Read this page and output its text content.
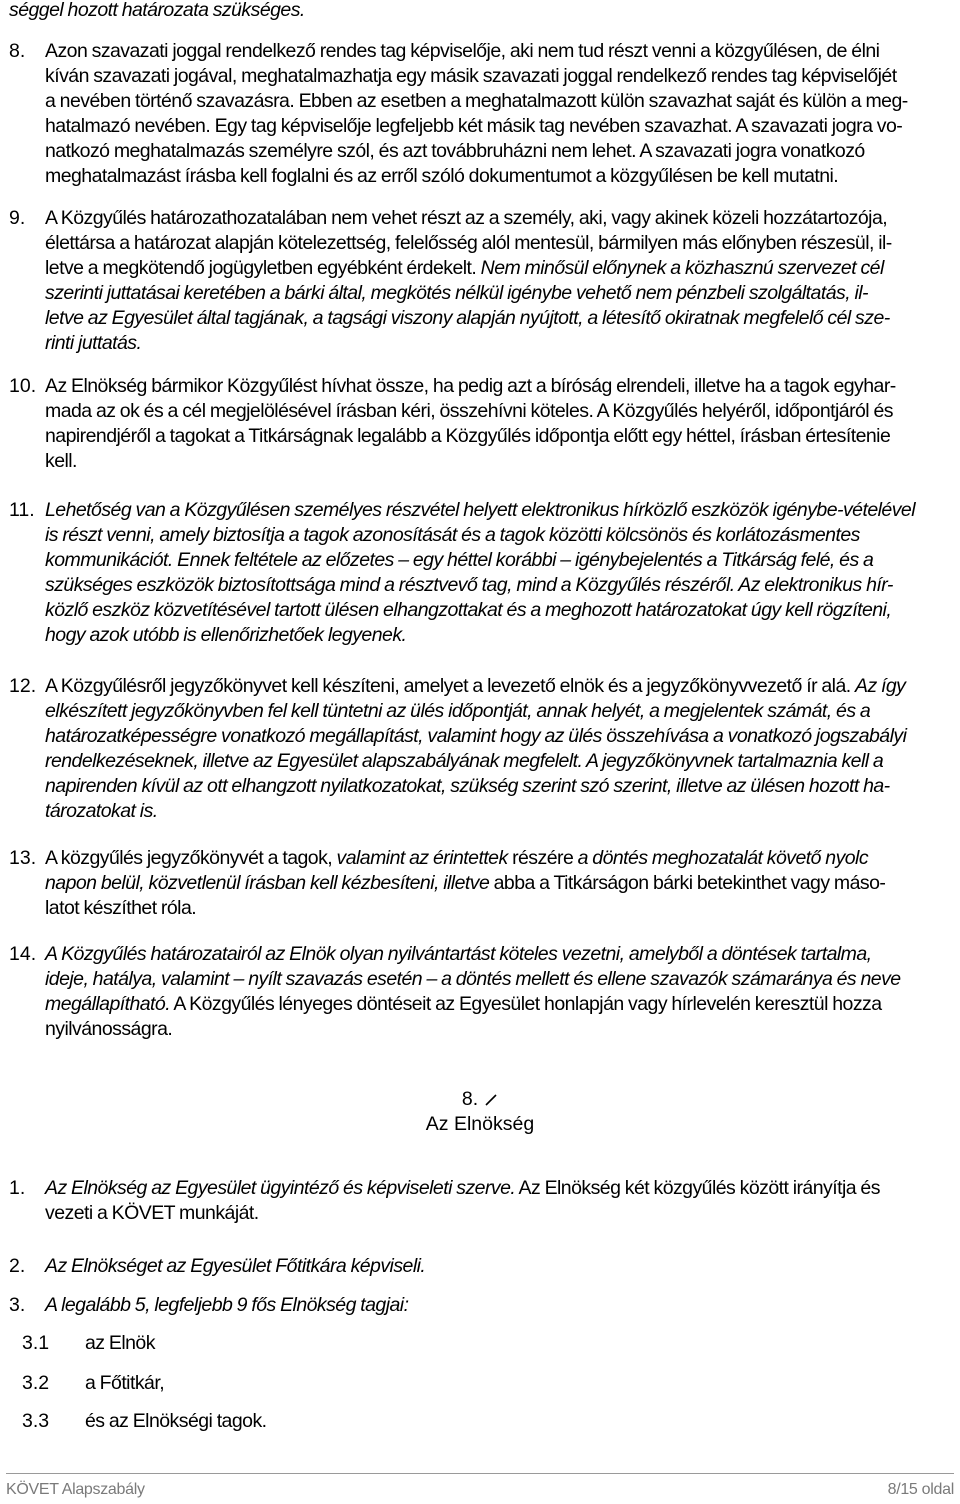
séggel hozott határozata szükséges.
8. Azon szavazati joggal rendelkező rendes tag képviselője, aki nem tud részt venni a közgyűlésen, de élni
kíván szavazati jogával, meghatalmazhatja egy másik szavazati joggal rendelkező rendes tag képviselőjét
a nevében történő szavazásra. Ebben az esetben a meghatalmazott külön szavazhat saját és külön a meg-
hatalmazó nevében. Egy tag képviselője legfeljebb két másik tag nevében szavazhat. A szavazati jogra vo-
natkozó meghatalmazás személyre szól, és azt továbbruházni nem lehet. A szavazati jogra vonatkozó
meghatalmazást írásba kell foglalni és az erről szóló dokumentumot a közgyűlésen be kell mutatni.
9. A Közgyűlés határozathozatalában nem vehet részt az a személy, aki, vagy akinek közeli hozzátartozója,
élettársa a határozat alapján kötelezettség, felelősség alól mentesül, bármilyen más előnyben részesül, il-
letve a megkötendő jogügyletben egyébként érdekelt. Nem minősül előnynek a közhasznú szervezet cél
szerinti juttatásai keretében a bárki által, megkötés nélkül igénybe vehető nem pénzbeli szolgáltatás, il-
letve az Egyesület által tagjának, a tagsági viszony alapján nyújtott, a létesítő okiratnak megfelelő cél sze-
rinti juttatás.
10. Az Elnökség bármikor Közgyűlést hívhat össze, ha pedig azt a bíróság elrendeli, illetve ha a tagok egyhar-
mada az ok és a cél megjelölésével írásban kéri, összehívni köteles. A Közgyűlés helyéről, időpontjáról és
napirendjéről a tagokat a Titkárságnak legalább a Közgyűlés időpontja előtt egy héttel, írásban értesítenie
kell.
11. Lehetőség van a Közgyűlésen személyes részvétel helyett elektronikus hírközlő eszközök igénybe-vételével
is részt venni, amely biztosítja a tagok azonosítását és a tagok közötti kölcsönös és korlátozásmentes
kommunikációt. Ennek feltétele az előzetes – egy héttel korábbi – igénybejelentés a Titkárság felé, és a
szükséges eszközök biztosítottsága mind a résztvevő tag, mind a Közgyűlés részéről. Az elektronikus hír-
közlő eszköz közvetítésével tartott ülésen elhangzottakat és a meghozott határozatokat úgy kell rögzíteni,
hogy azok utóbb is ellenőrizhetőek legyenek.
12. A Közgyűlésről jegyzőkönyvet kell készíteni, amelyet a levezető elnök és a jegyzőkönyvvezető ír alá. Az így
elkészített jegyzőkönyvben fel kell tüntetni az ülés időpontját, annak helyét, a megjelentek számát, és a
határozatképességre vonatkozó megállapítást, valamint hogy az ülés összehívása a vonatkozó jogszabályi
rendelkezéseknek, illetve az Egyesület alapszabályának megfelelt. A jegyzőkönyvnek tartalmaznia kell a
napirenden kívül az ott elhangzott nyilatkozatokat, szükség szerint szó szerint, illetve az ülésen hozott ha-
tározatokat is.
13. A közgyűlés jegyzőkönyvét a tagok, valamint az érintettek részére a döntés meghozatalát követő nyolc
napon belül, közvetlenül írásban kell kézbesíteni, illetve abba a Titkárságon bárki betekinthet vagy máso-
latot készíthet róla.
14. A Közgyűlés határozatairól az Elnök olyan nyilvántartást köteles vezetni, amelyből a döntések tartalma,
ideje, hatálya, valamint – nyílt szavazás esetén – a döntés mellett és ellene szavazók számaránya és neve
megállapítható. A Közgyűlés lényeges döntéseit az Egyesület honlapján vagy hírlevelén keresztül hozza
nyilvánosságra.
8.
Az Elnökség
1. Az Elnökség az Egyesület ügyintéző és képviseleti szerve. Az Elnökség két közgyűlés között irányítja és
vezeti a KÖVET munkáját.
2. Az Elnökséget az Egyesület Főtitkára képviseli.
3. A legalább 5, legfeljebb 9 fős Elnökség tagjai:
3.1 az Elnök
3.2 a Főtitkár,
3.3 és az Elnökségi tagok.
KÖVET Alapszabály	8/15 oldal
